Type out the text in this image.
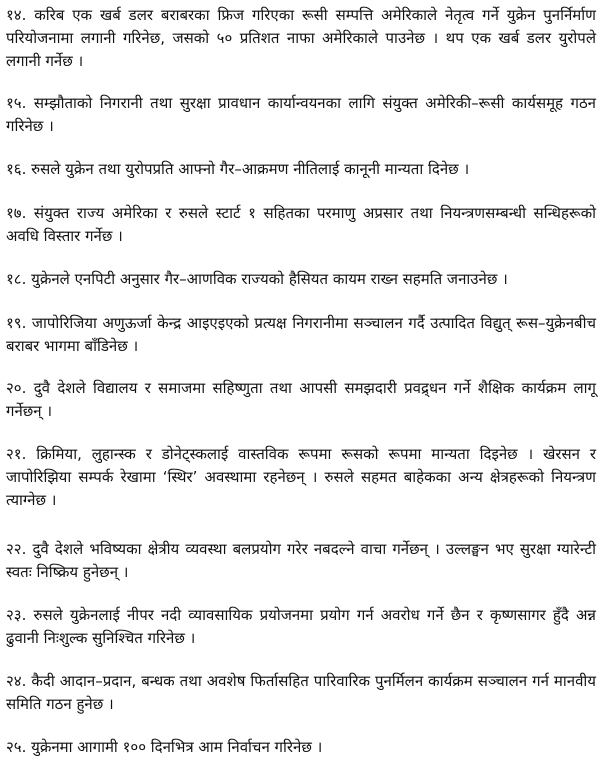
१४. करिब एक खर्ब डलर बराबरका फ्रिज गरिएका रूसी सम्पत्ति अमेरिकाले नेतृत्व गर्ने युक्रेन पुनर्निर्माण परियोजनामा लगानी गरिनेछ, जसको ५० प्रतिशत नाफा अमेरिकाले पाउनेछ । थप एक खर्ब डलर युरोपले लगानी गर्नेछ ।

१५. सम्झौताको निगरानी तथा सुरक्षा प्रावधान कार्यान्वयनका लागि संयुक्त अमेरिकी–रूसी कार्यसमूह गठन गरिनेछ ।

१६. रुसले युक्रेन तथा युरोपप्रति आफ्नो गैर–आक्रमण नीतिलाई कानूनी मान्यता दिनेछ ।

१७. संयुक्त राज्य अमेरिका र रुसले स्टार्ट १ सहितका परमाणु अप्रसार तथा नियन्त्रणसम्बन्धी सन्धिहरूको अवधि विस्तार गर्नेछ ।

१८. युक्रेनले एनपिटी अनुसार गैर–आणविक राज्यको हैसियत कायम राख्न सहमति जनाउनेछ ।

१९. जापोरिजिया अणुऊर्जा केन्द्र आइएइएको प्रत्यक्ष निगरानीमा सञ्चालन गर्दै उत्पादित विद्युत् रूस–युक्रेनबीच बराबर भागमा बाँडिनेछ ।

२०. दुवै देशले विद्यालय र समाजमा सहिष्णुता तथा आपसी समझदारी प्रवद्र्धन गर्ने शैक्षिक कार्यक्रम लागू गर्नेछन् ।

२१. क्रिमिया, लुहान्स्क र डोनेट्स्कलाई वास्तविक रूपमा रूसको रूपमा मान्यता दिइनेछ । खेरसन र जापोरिझिया सम्पर्क रेखामा ‘स्थिर’ अवस्थामा रहनेछन् । रुसले सहमत बाहेकका अन्य क्षेत्रहरूको नियन्त्रण त्याग्नेछ ।

२२. दुवै देशले भविष्यका क्षेत्रीय व्यवस्था बलप्रयोग गरेर नबदल्ने वाचा गर्नेछन् । उल्लङ्घन भए सुरक्षा ग्यारेन्टी स्वतः निष्क्रिय हुनेछन् ।

२३. रुसले युक्रेनलाई नीपर नदी व्यावसायिक प्रयोजनमा प्रयोग गर्न अवरोध गर्ने छैन र कृष्णसागर हुँदै अन्न ढुवानी निःशुल्क सुनिश्चित गरिनेछ ।

२४. कैदी आदान–प्रदान, बन्धक तथा अवशेष फिर्तासहित पारिवारिक पुनर्मिलन कार्यक्रम सञ्चालन गर्न मानवीय समिति गठन हुनेछ ।

२५. युक्रेनमा आगामी १०० दिनभित्र आम निर्वाचन गरिनेछ ।
